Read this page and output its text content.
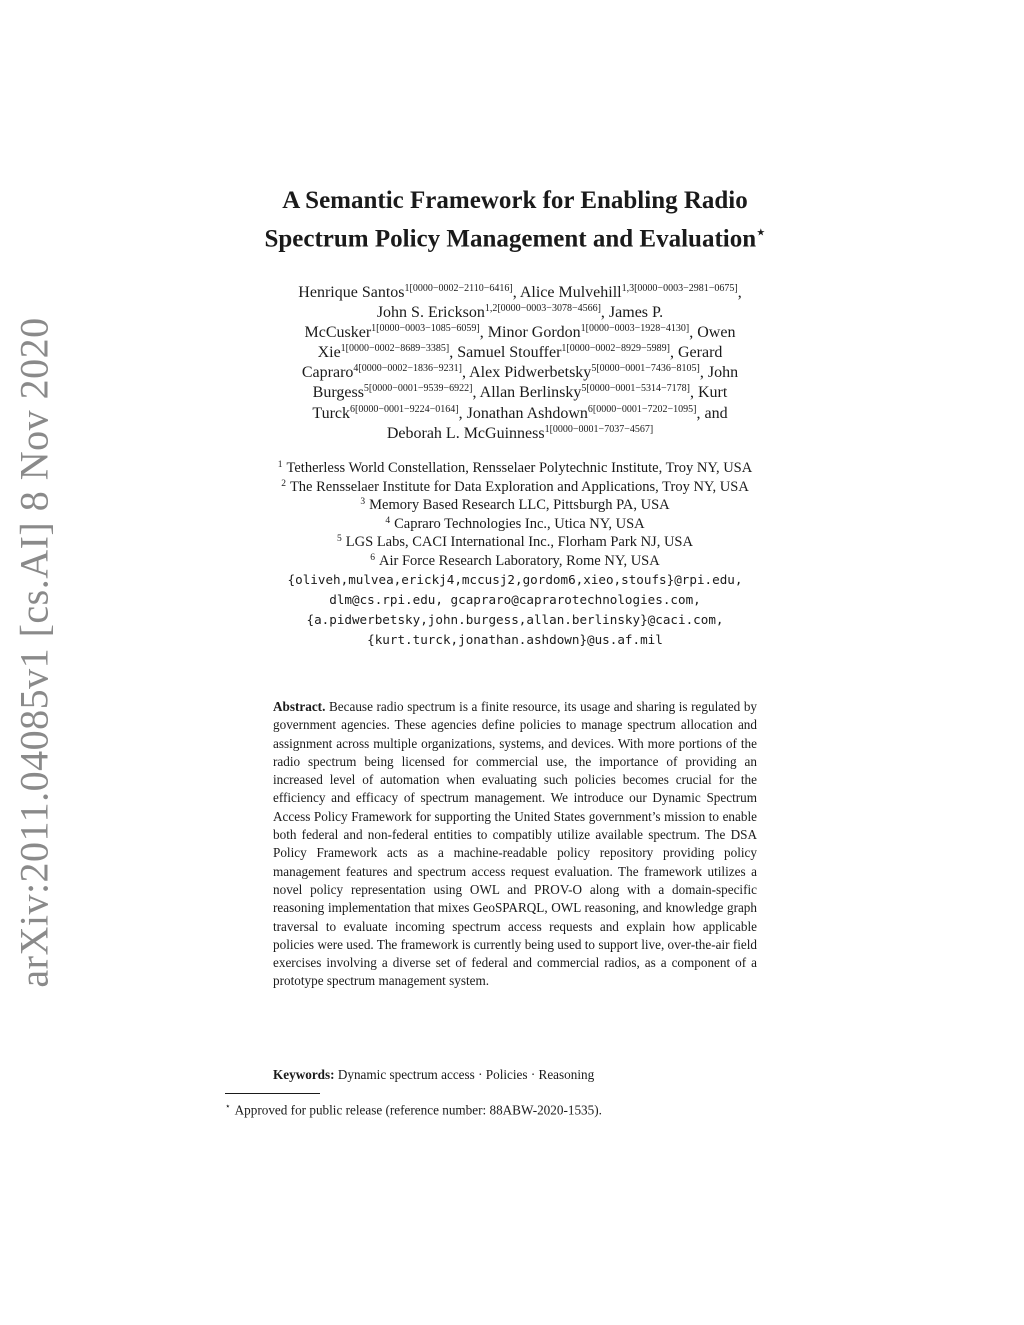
arXiv:2011.04085v1 [cs.AI] 8 Nov 2020
A Semantic Framework for Enabling Radio
Spectrum Policy Management and Evaluation⋆
Henrique Santos$^{1[0000-0002-2110-6416]}$, Alice Mulvehill$^{1,3[0000-0003-2981-0675]}$,
John S. Erickson$^{1,2[0000-0003-3078-4566]}$, James P.
McCusker$^{1[0000-0003-1085-6059]}$, Minor Gordon$^{1[0000-0003-1928-4130]}$, Owen
Xie$^{1[0000-0002-8689-3385]}$, Samuel Stouffer$^{1[0000-0002-8929-5989]}$, Gerard
Capraro$^{4[0000-0002-1836-9231]}$, Alex Pidwerbetsky$^{5[0000-0001-7436-8105]}$, John
Burgess$^{5[0000-0001-9539-6922]}$, Allan Berlinsky$^{5[0000-0001-5314-7178]}$, Kurt
Turck$^{6[0000-0001-9224-0164]}$, Jonathan Ashdown$^{6[0000-0001-7202-1095]}$, and
Deborah L. McGuinness$^{1[0000-0001-7037-4567]}$
$^1$ Tetherless World Constellation, Rensselaer Polytechnic Institute, Troy NY, USA
$^2$ The Rensselaer Institute for Data Exploration and Applications, Troy NY, USA
$^3$ Memory Based Research LLC, Pittsburgh PA, USA
$^4$ Capraro Technologies Inc., Utica NY, USA
$^5$ LGS Labs, CACI International Inc., Florham Park NJ, USA
$^6$ Air Force Research Laboratory, Rome NY, USA
{oliveh,mulvea,erickj4,mccusj2,gordom6,xieo,stoufs}@rpi.edu,
dlm@cs.rpi.edu, gcapraro@caprarotechnologies.com,
{a.pidwerbetsky,john.burgess,allan.berlinsky}@caci.com,
{kurt.turck,jonathan.ashdown}@us.af.mil
Abstract. Because radio spectrum is a finite resource, its usage and sharing is regulated by government agencies. These agencies define policies to manage spectrum allocation and assignment across multiple organizations, systems, and devices. With more portions of the radio spectrum being licensed for commercial use, the importance of providing an increased level of automation when evaluating such policies becomes crucial for the efficiency and efficacy of spectrum management. We introduce our Dynamic Spectrum Access Policy Framework for supporting the United States government’s mission to enable both federal and non-federal entities to compatibly utilize available spectrum. The DSA Policy Framework acts as a machine-readable policy repository providing policy management features and spectrum access request evaluation. The framework utilizes a novel policy representation using OWL and PROV-O along with a domain-specific reasoning implementation that mixes GeoSPARQL, OWL reasoning, and knowledge graph traversal to evaluate incoming spectrum access requests and explain how applicable policies were used. The framework is currently being used to support live, over-the-air field exercises involving a diverse set of federal and commercial radios, as a component of a prototype spectrum management system.
Keywords: Dynamic spectrum access · Policies · Reasoning
⋆ Approved for public release (reference number: 88ABW-2020-1535).
